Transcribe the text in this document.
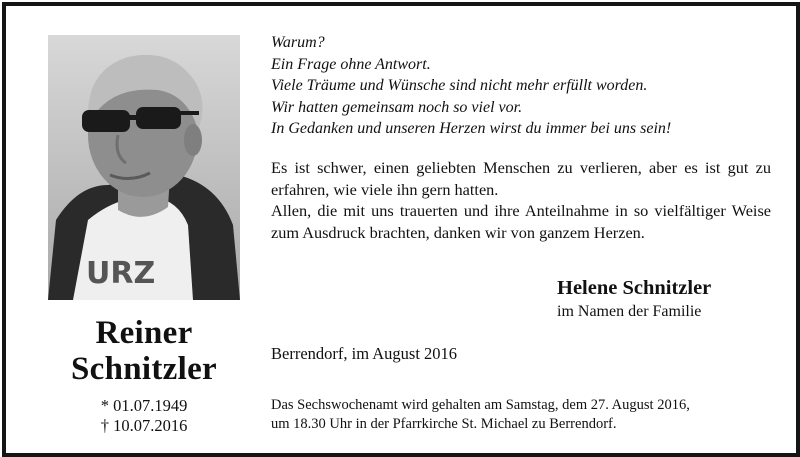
URZ
Reiner
Schnitzler
* 01.07.1949
† 10.07.2016
Warum?
Ein Frage ohne Antwort.
Viele Träume und Wünsche sind nicht mehr erfüllt worden.
Wir hatten gemeinsam noch so viel vor.
In Gedanken und unseren Herzen wirst du immer bei uns sein!
Es ist schwer, einen geliebten Menschen zu verlieren, aber es ist gut zu erfahren, wie viele ihn gern hatten.
Allen, die mit uns trauerten und ihre Anteilnahme in so vielfältiger Weise zum Ausdruck brachten, danken wir von ganzem Herzen.
Helene Schnitzler
im Namen der Familie
Berrendorf, im August 2016
Das Sechswochenamt wird gehalten am Samstag, dem 27. August 2016,
um 18.30 Uhr in der Pfarrkirche St. Michael zu Berrendorf.
